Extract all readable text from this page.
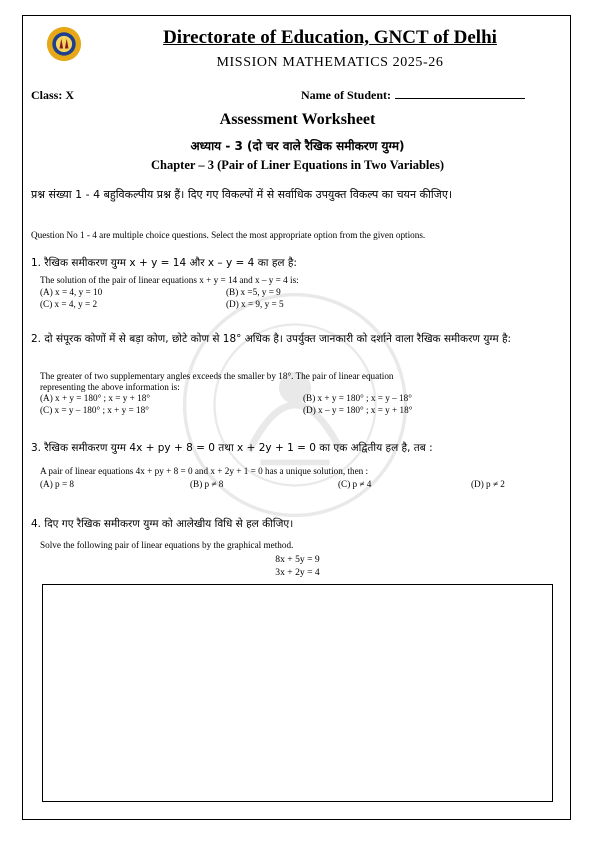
Directorate of Education, GNCT of Delhi
MISSION MATHEMATICS 2025-26
Class: X	Name of Student:
Assessment Worksheet
अध्याय - 3 (दो चर वाले रैखिक समीकरण युग्म)
Chapter – 3 (Pair of Liner Equations in Two Variables)
प्रश्न संख्या 1 - 4 बहुविकल्पीय प्रश्न हैं। दिए गए विकल्पों में से सर्वाधिक उपयुक्त विकल्प का चयन कीजिए।
Question No 1 - 4 are multiple choice questions. Select the most appropriate option from the given options.
1. रैखिक समीकरण युग्म x + y = 14 और x – y = 4 का हल है:
The solution of the pair of linear equations x + y = 14 and x – y = 4 is:
(A) x = 4, y = 10	(B) x =5, y = 9
(C) x = 4, y = 2	(D) x = 9, y = 5
2. दो संपूरक कोणों में से बड़ा कोण, छोटे कोण से 18° अधिक है। उपर्युक्त जानकारी को दर्शाने वाला रैखिक समीकरण युग्म है:
The greater of two supplementary angles exceeds the smaller by 18°. The pair of linear equation
representing the above information is:
(A) x + y = 180° ; x = y + 18°	(B) x + y = 180° ; x = y – 18°
(C) x = y – 180° ; x + y = 18°	(D) x – y = 180° ; x = y + 18°
3. रैखिक समीकरण युग्म 4x + py + 8 = 0 तथा x + 2y + 1 = 0 का एक अद्वितीय हल है, तब :
A pair of linear equations 4x + py + 8 = 0 and x + 2y + 1 = 0 has a unique solution, then :
(A) p = 8	(B) p ≠ 8	(C) p ≠ 4	(D) p ≠ 2
4. दिए गए रैखिक समीकरण युग्म को आलेखीय विधि से हल कीजिए।
Solve the following pair of linear equations by the graphical method.
8x + 5y = 9
3x + 2y = 4
